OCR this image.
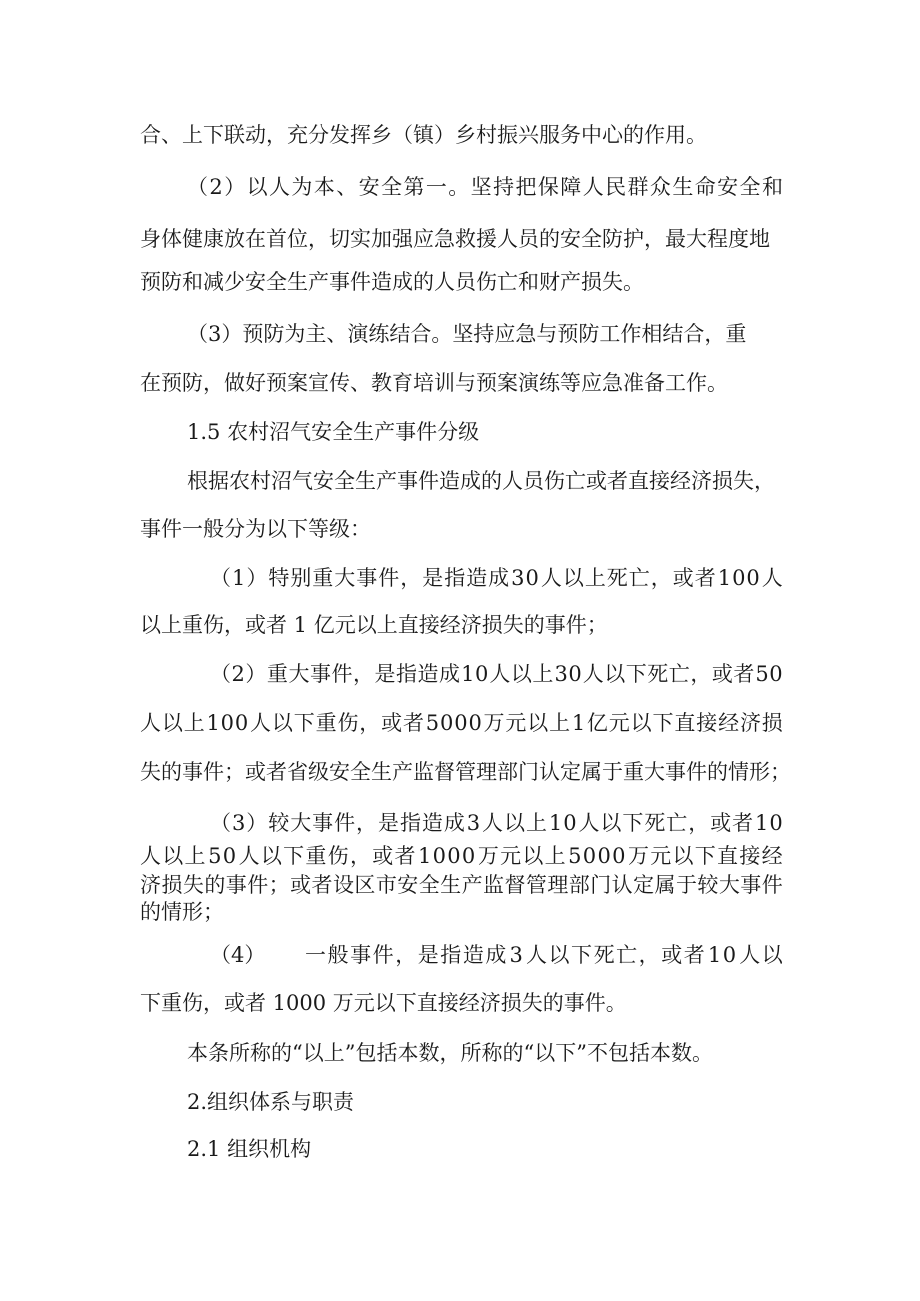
合、上下联动，充分发挥乡（镇）乡村振兴服务中心的作用。
（ 2 ） 以 人 为 本 、 安 全 第 一 。 坚 持 把 保 障 人 民 群 众 生 命 安 全 和
身体健康放在首位，切实加强应急救援人员的安全防护，最大程度地
预防和减少安全生产事件造成的人员伤亡和财产损失。
（3）预防为主、演练结合。坚持应急与预防工作相结合，重
在预防，做好预案宣传、教育培训与预案演练等应急准备工作。
1.5 农村沼气安全生产事件分级
根据农村沼气安全生产事件造成的人员伤亡或者直接经济损失，
事件一般分为以下等级：
（ 1 ） 特 别 重 大 事 件 ， 是 指 造 成 3 0 人 以 上 死 亡 ， 或 者 1 0 0 人
以上重伤，或者 1 亿元以上直接经济损失的事件；
（ 2 ） 重 大 事 件 ， 是 指 造 成 1 0 人 以 上 3 0 人 以 下 死 亡 ， 或 者 5 0
人 以 上 1 0 0 人 以 下 重 伤 ， 或 者 5 0 0 0 万 元 以 上 1 亿 元 以 下 直 接 经 济 损
失的事件；或者省级安全生产监督管理部门认定属于重大事件的情形；
（ 3 ） 较 大 事 件 ， 是 指 造 成 3 人 以 上 1 0 人 以 下 死 亡 ， 或 者 1 0
人 以 上 5 0 人 以 下 重 伤 ， 或 者 1 0 0 0 万 元 以 上 5 0 0 0 万 元 以 下 直 接 经
济 损 失 的 事 件 ； 或 者 设 区 市 安 全 生 产 监 督 管 理 部 门 认 定 属 于 较 大 事 件
的情形；
（4） 一 般 事 件 ， 是 指 造 成 3 人 以 下 死 亡 ， 或 者 1 0 人 以
下重伤，或者 1000 万元以下直接经济损失的事件。
本条所称的“以上”包括本数，所称的“以下”不包括本数。
2.组织体系与职责
2.1 组织机构
